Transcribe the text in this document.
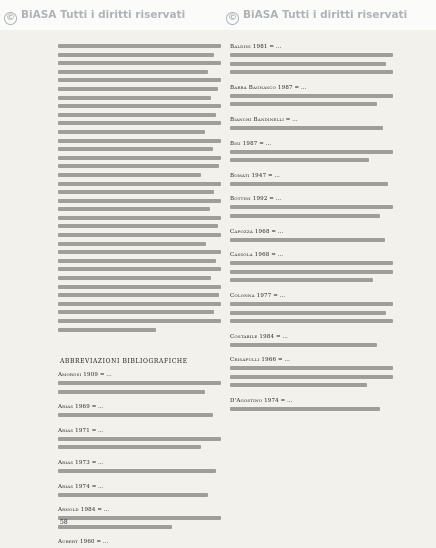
© BiASA Tutti i diritti riservati	© BiASA Tutti i diritti riservati
ABBREVIAZIONI BIBLIOGRAFICHE

Amorosi 1909 = …

Arias 1969 = …

Arias 1971 = …

Arias 1973 = …

Arias 1974 = …

Arnold 1984 = …

Aubert 1960 = …

Baldini 1981 = …

Barra Bagnasco 1987 = …

Bianchi Bandinelli = …

Bisi 1987 = …

Bomati 1947 = …

Bottini 1992 = …

Capozza 1968 = …

Cassola 1968 = …

Colonna 1977 = …

Costabile 1984 = …

Crisafulli 1966 = …

D'Agostino 1974 = …

58
